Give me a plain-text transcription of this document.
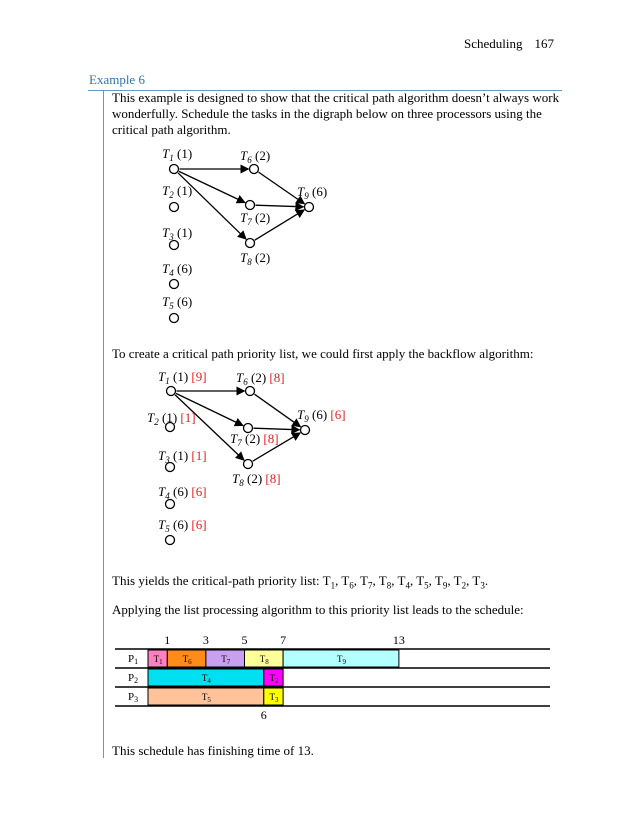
Scheduling 167
Example 6
This example is designed to show that the critical path algorithm doesn’t always work wonderfully. Schedule the tasks in the digraph below on three processors using the critical path algorithm.
$T_1$ (1)
$T_2$ (1)
$T_3$ (1)
$T_4$ (6)
$T_5$ (6)
$T_6$ (2)
$T_7$ (2)
$T_8$ (2)
$T_9$ (6)
To create a critical path priority list, we could first apply the backflow algorithm:
$T_1$ (1) [9]
$T_2$ (1) [1]
$T_3$ (1) [1]
$T_4$ (6) [6]
$T_5$ (6) [6]
$T_6$ (2) [8]
$T_7$ (2) [8]
$T_8$ (2) [8]
$T_9$ (6) [6]
This yields the critical-path priority list: $T_1$, $T_6$, $T_7$, $T_8$, $T_4$, $T_5$, $T_9$, $T_2$, $T_3$.
Applying the list processing algorithm to this priority list leads to the schedule:
P1 $T_1$ $T_6$	$T_7$	$T_8$	$T_9$
P2	$T_4$	$T_2$
P3	$T_5$	$T_3$
1	3	5	7	13
6
This schedule has finishing time of 13.
